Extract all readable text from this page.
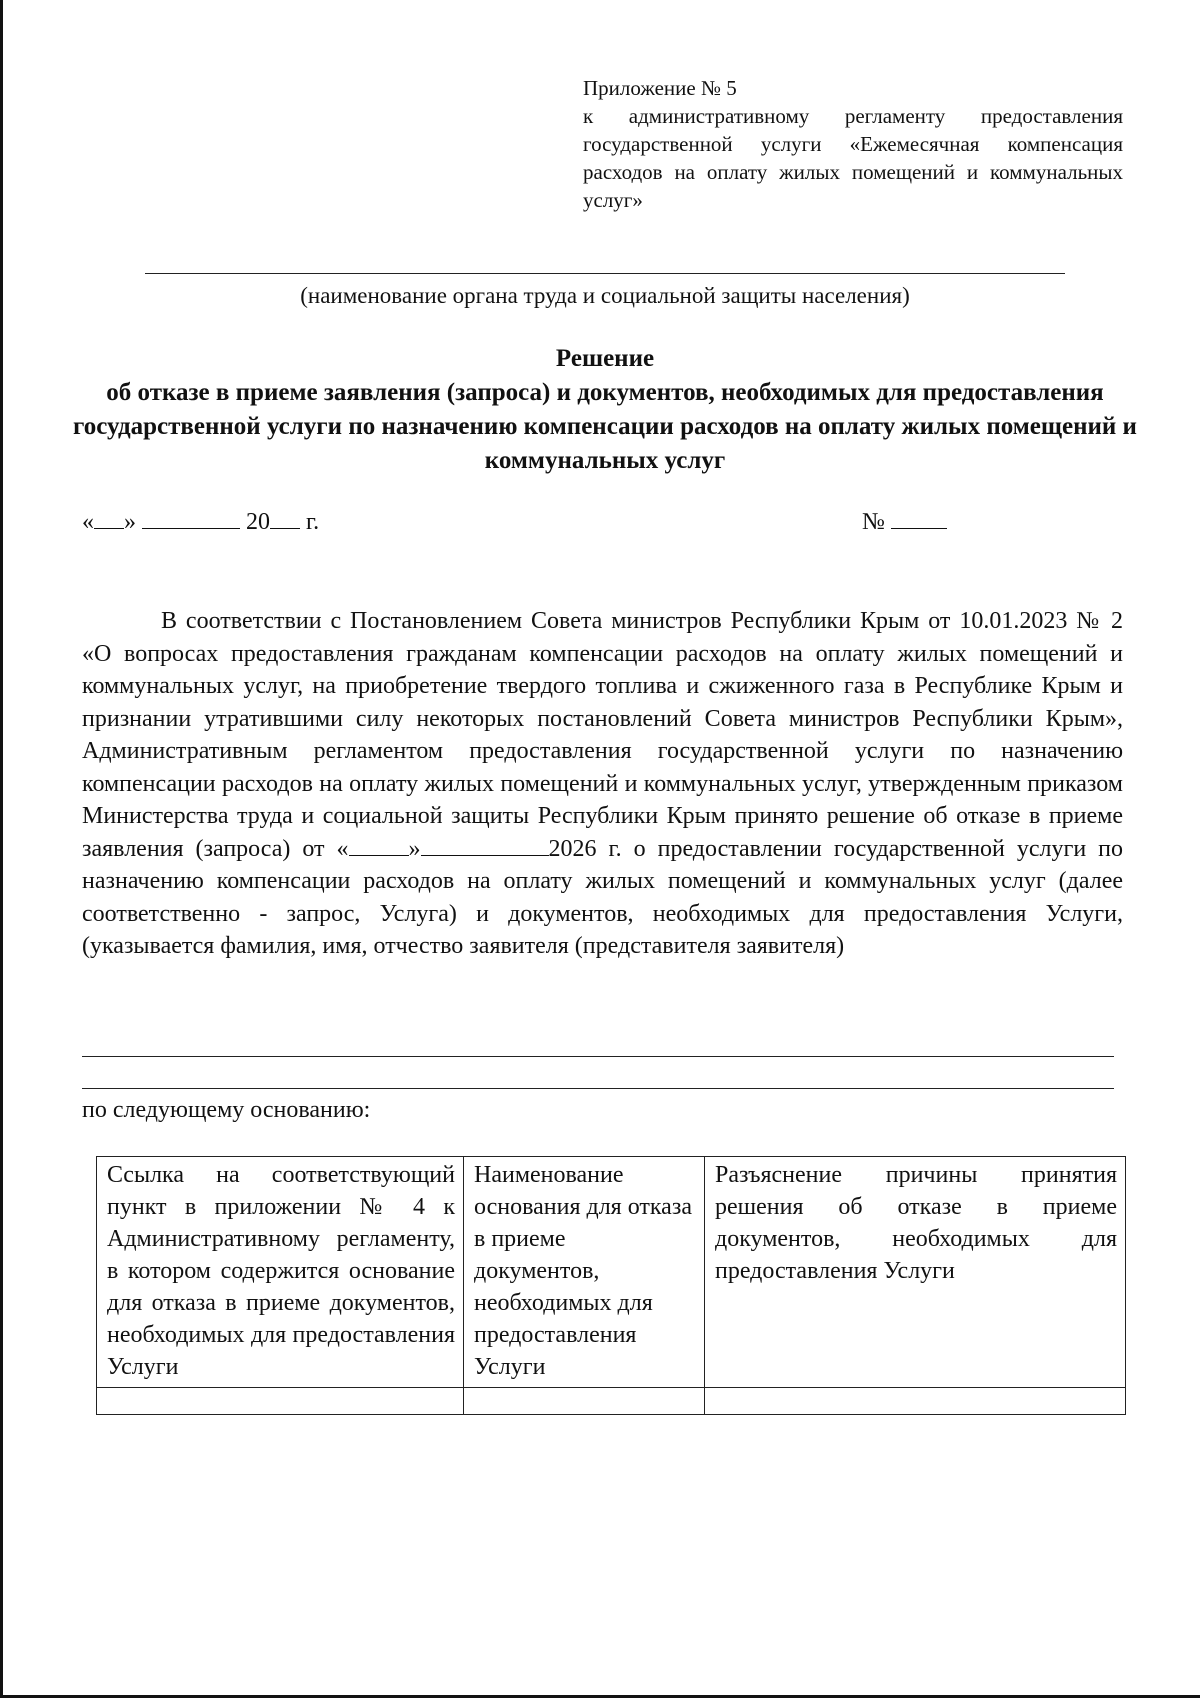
Приложение № 5
к административному регламенту предоставления государственной услуги «Ежемесячная компенсация расходов на оплату жилых помещений и коммунальных услуг»
(наименование органа труда и социальной защиты населения)
Решение
об отказе в приеме заявления (запроса) и документов, необходимых для предоставления государственной услуги по назначению компенсации расходов на оплату жилых помещений и коммунальных услуг
« »	20 г.	№

В соответствии с Постановлением Совета министров Республики Крым от 10.01.2023 № 2 «О вопросах предоставления гражданам компенсации расходов на оплату жилых помещений и коммунальных услуг, на приобретение твердого топлива и сжиженного газа в Республике Крым и признании утратившими силу некоторых постановлений Совета министров Республики Крым», Административным регламентом предоставления государственной услуги по назначению компенсации расходов на оплату жилых помещений и коммунальных услуг, утвержденным приказом Министерства труда и социальной защиты Республики Крым принято решение об отказе в приеме заявления (запроса) от «	»	2026 г. о предоставлении государственной услуги по назначению компенсации расходов на оплату жилых помещений и коммунальных услуг (далее соответственно - запрос, Услуга) и документов, необходимых для предоставления Услуги, (указывается фамилия, имя, отчество заявителя (представителя заявителя)

по следующему основанию:
Ссылка на соответствующий пункт в приложении № 4 к Административному регламенту, в котором содержится основание для отказа в приеме документов, необходимых для предоставления Услуги	Наименование основания для отказа в приеме документов, необходимых для предоставления Услуги	Разъяснение причины принятия решения об отказе в приеме документов, необходимых для предоставления Услуги
